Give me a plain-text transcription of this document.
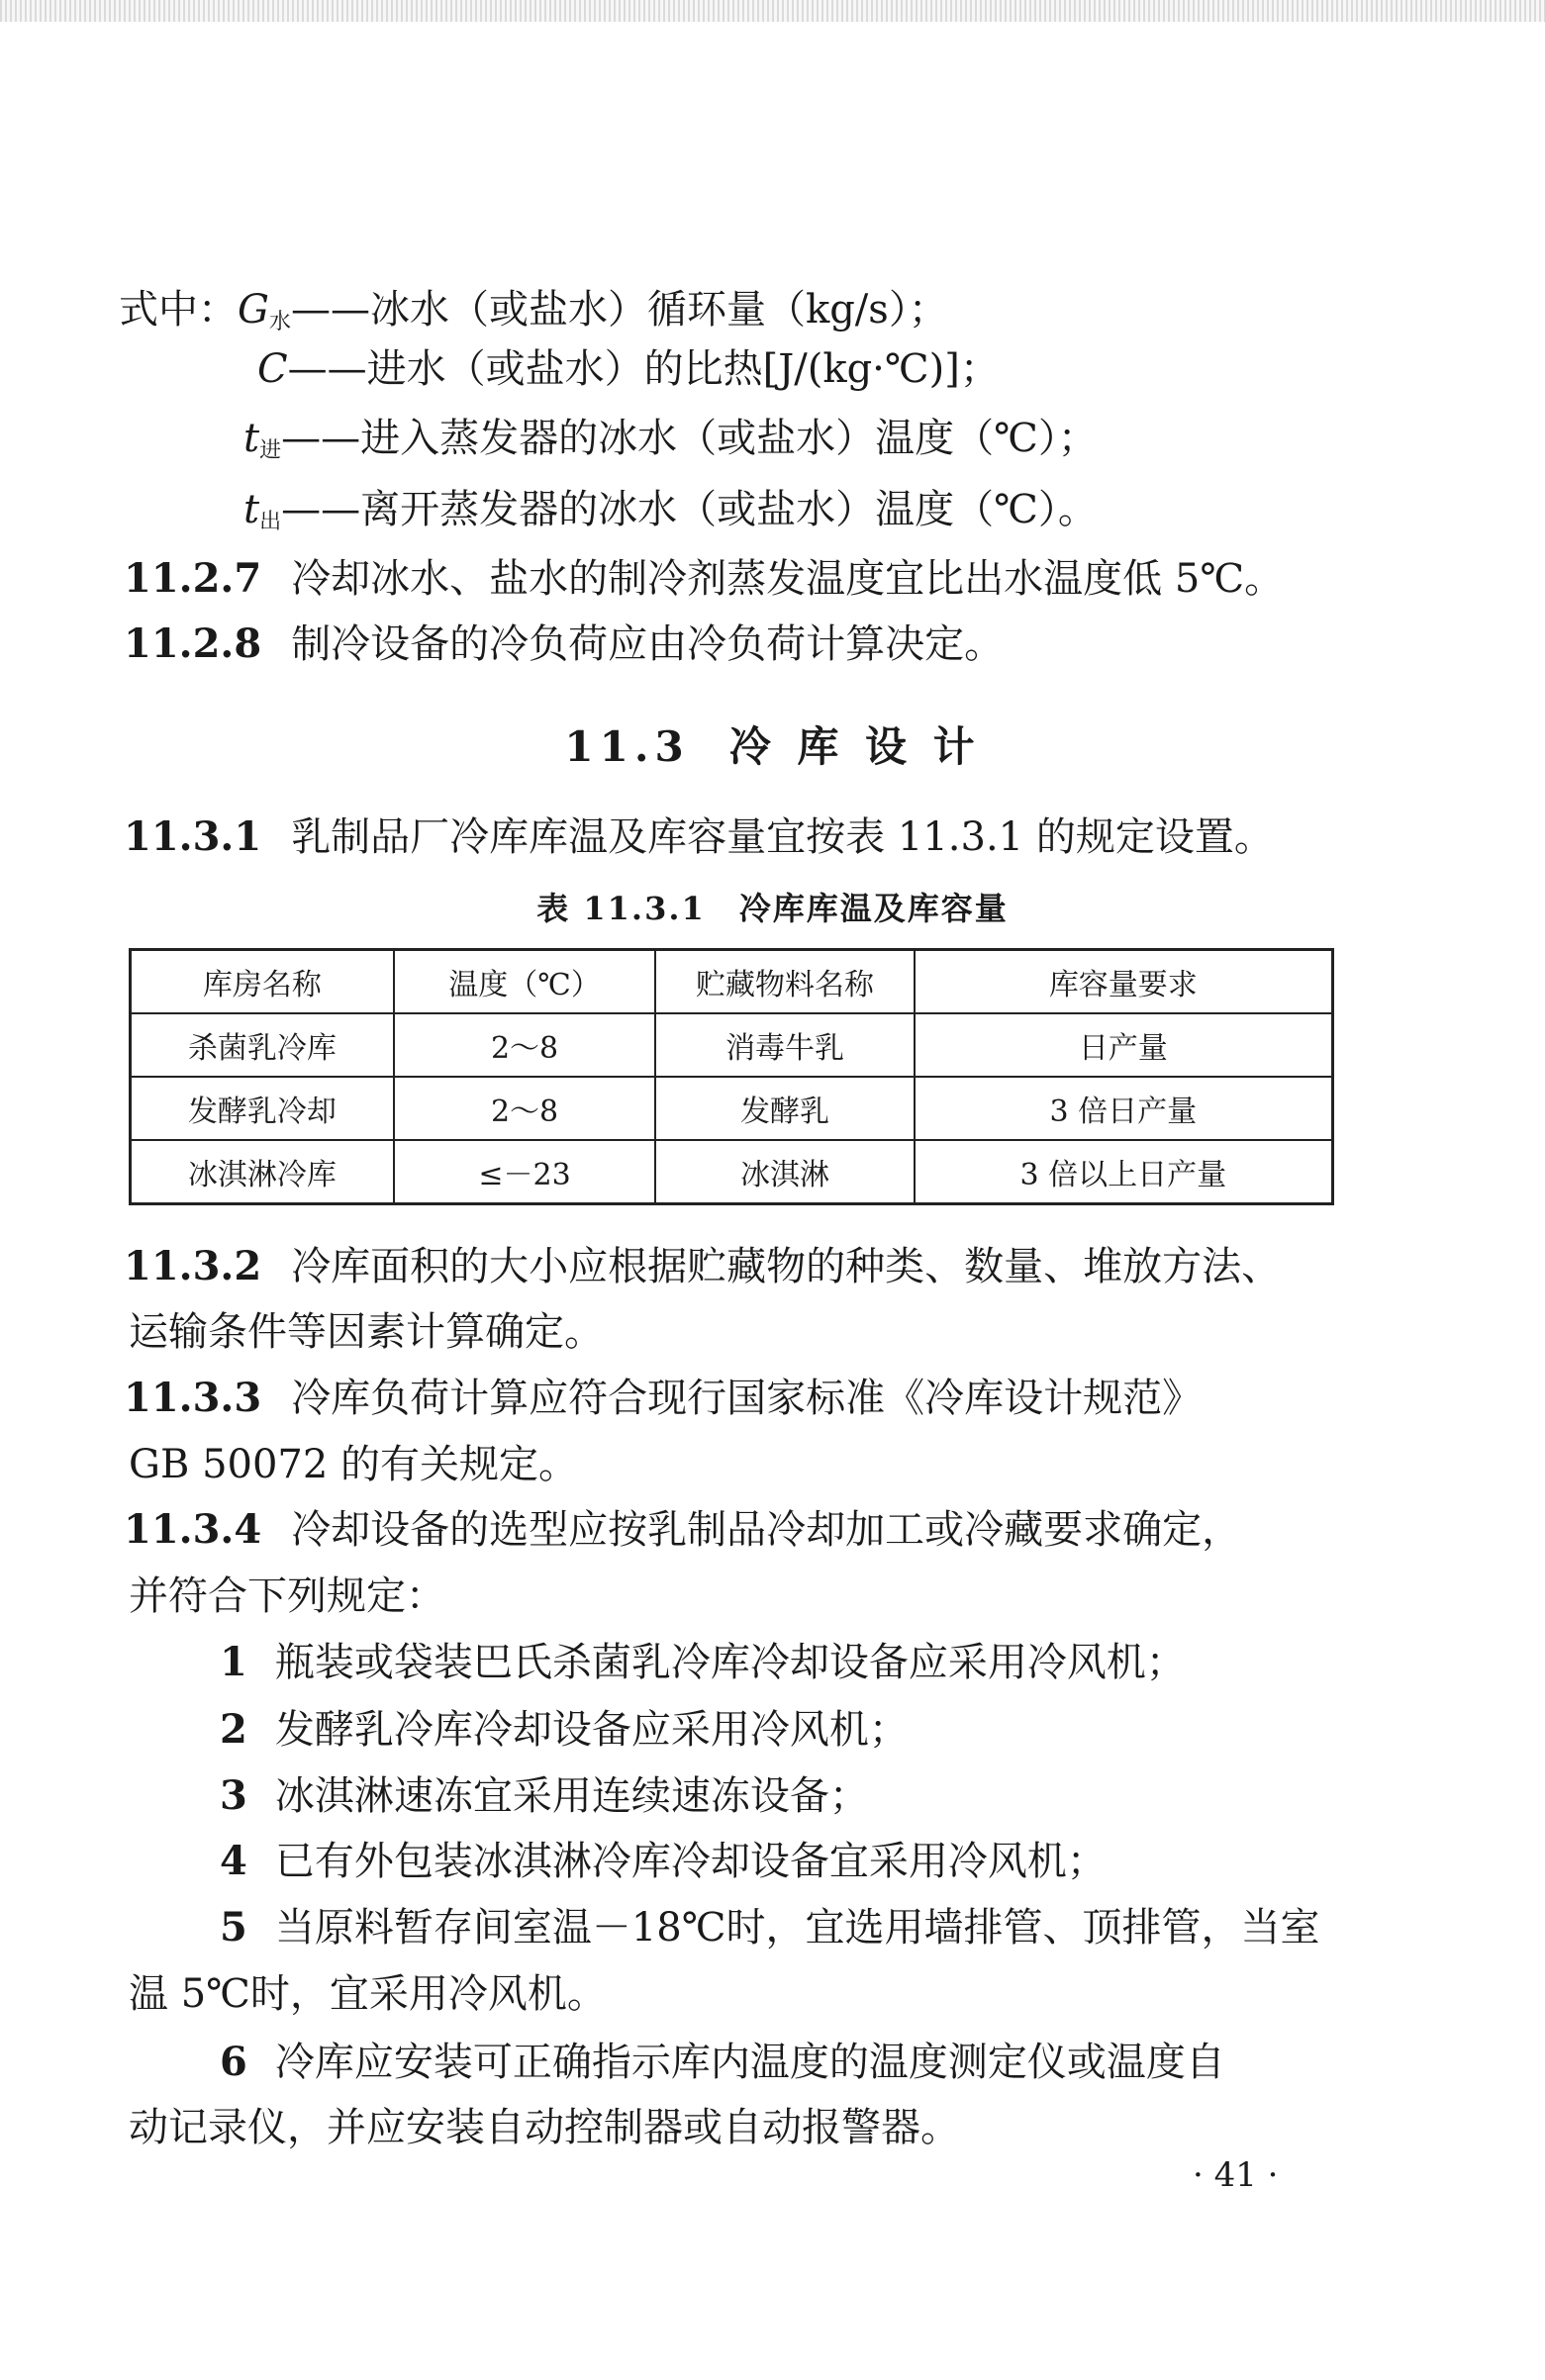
式中：$G_水——$冰水（或盐水）循环量（kg/s）；
C——进水（或盐水）的比热[J/(kg·℃)]；
$t_进——$进入蒸发器的冰水（或盐水）温度（℃）；
$t_出——$离开蒸发器的冰水（或盐水）温度（℃）。
11.2.7 冷却冰水、盐水的制冷剂蒸发温度宜比出水温度低 5℃。
11.2.8 制冷设备的冷负荷应由冷负荷计算决定。
11.3 冷 库 设 计
11.3.1 乳制品厂冷库库温及库容量宜按表 11.3.1 的规定设置。
表 11.3.1　冷库库温及库容量
库房名称	温度（℃）	贮藏物料名称	库容量要求
杀菌乳冷库	2～8	消毒牛乳	日产量
发酵乳冷却	2～8	发酵乳	3 倍日产量
冰淇淋冷库	≤－23	冰淇淋	3 倍以上日产量
11.3.2 冷库面积的大小应根据贮藏物的种类、数量、堆放方法、
运输条件等因素计算确定。
11.3.3 冷库负荷计算应符合现行国家标准《冷库设计规范》
GB 50072 的有关规定。
11.3.4 冷却设备的选型应按乳制品冷却加工或冷藏要求确定，
并符合下列规定：
1 瓶装或袋装巴氏杀菌乳冷库冷却设备应采用冷风机；
2 发酵乳冷库冷却设备应采用冷风机；
3 冰淇淋速冻宜采用连续速冻设备；
4 已有外包装冰淇淋冷库冷却设备宜采用冷风机；
5 当原料暂存间室温－18℃时，宜选用墙排管、顶排管，当室
温 5℃时，宜采用冷风机。
6 冷库应安装可正确指示库内温度的温度测定仪或温度自
动记录仪，并应安装自动控制器或自动报警器。
· 41 ·
